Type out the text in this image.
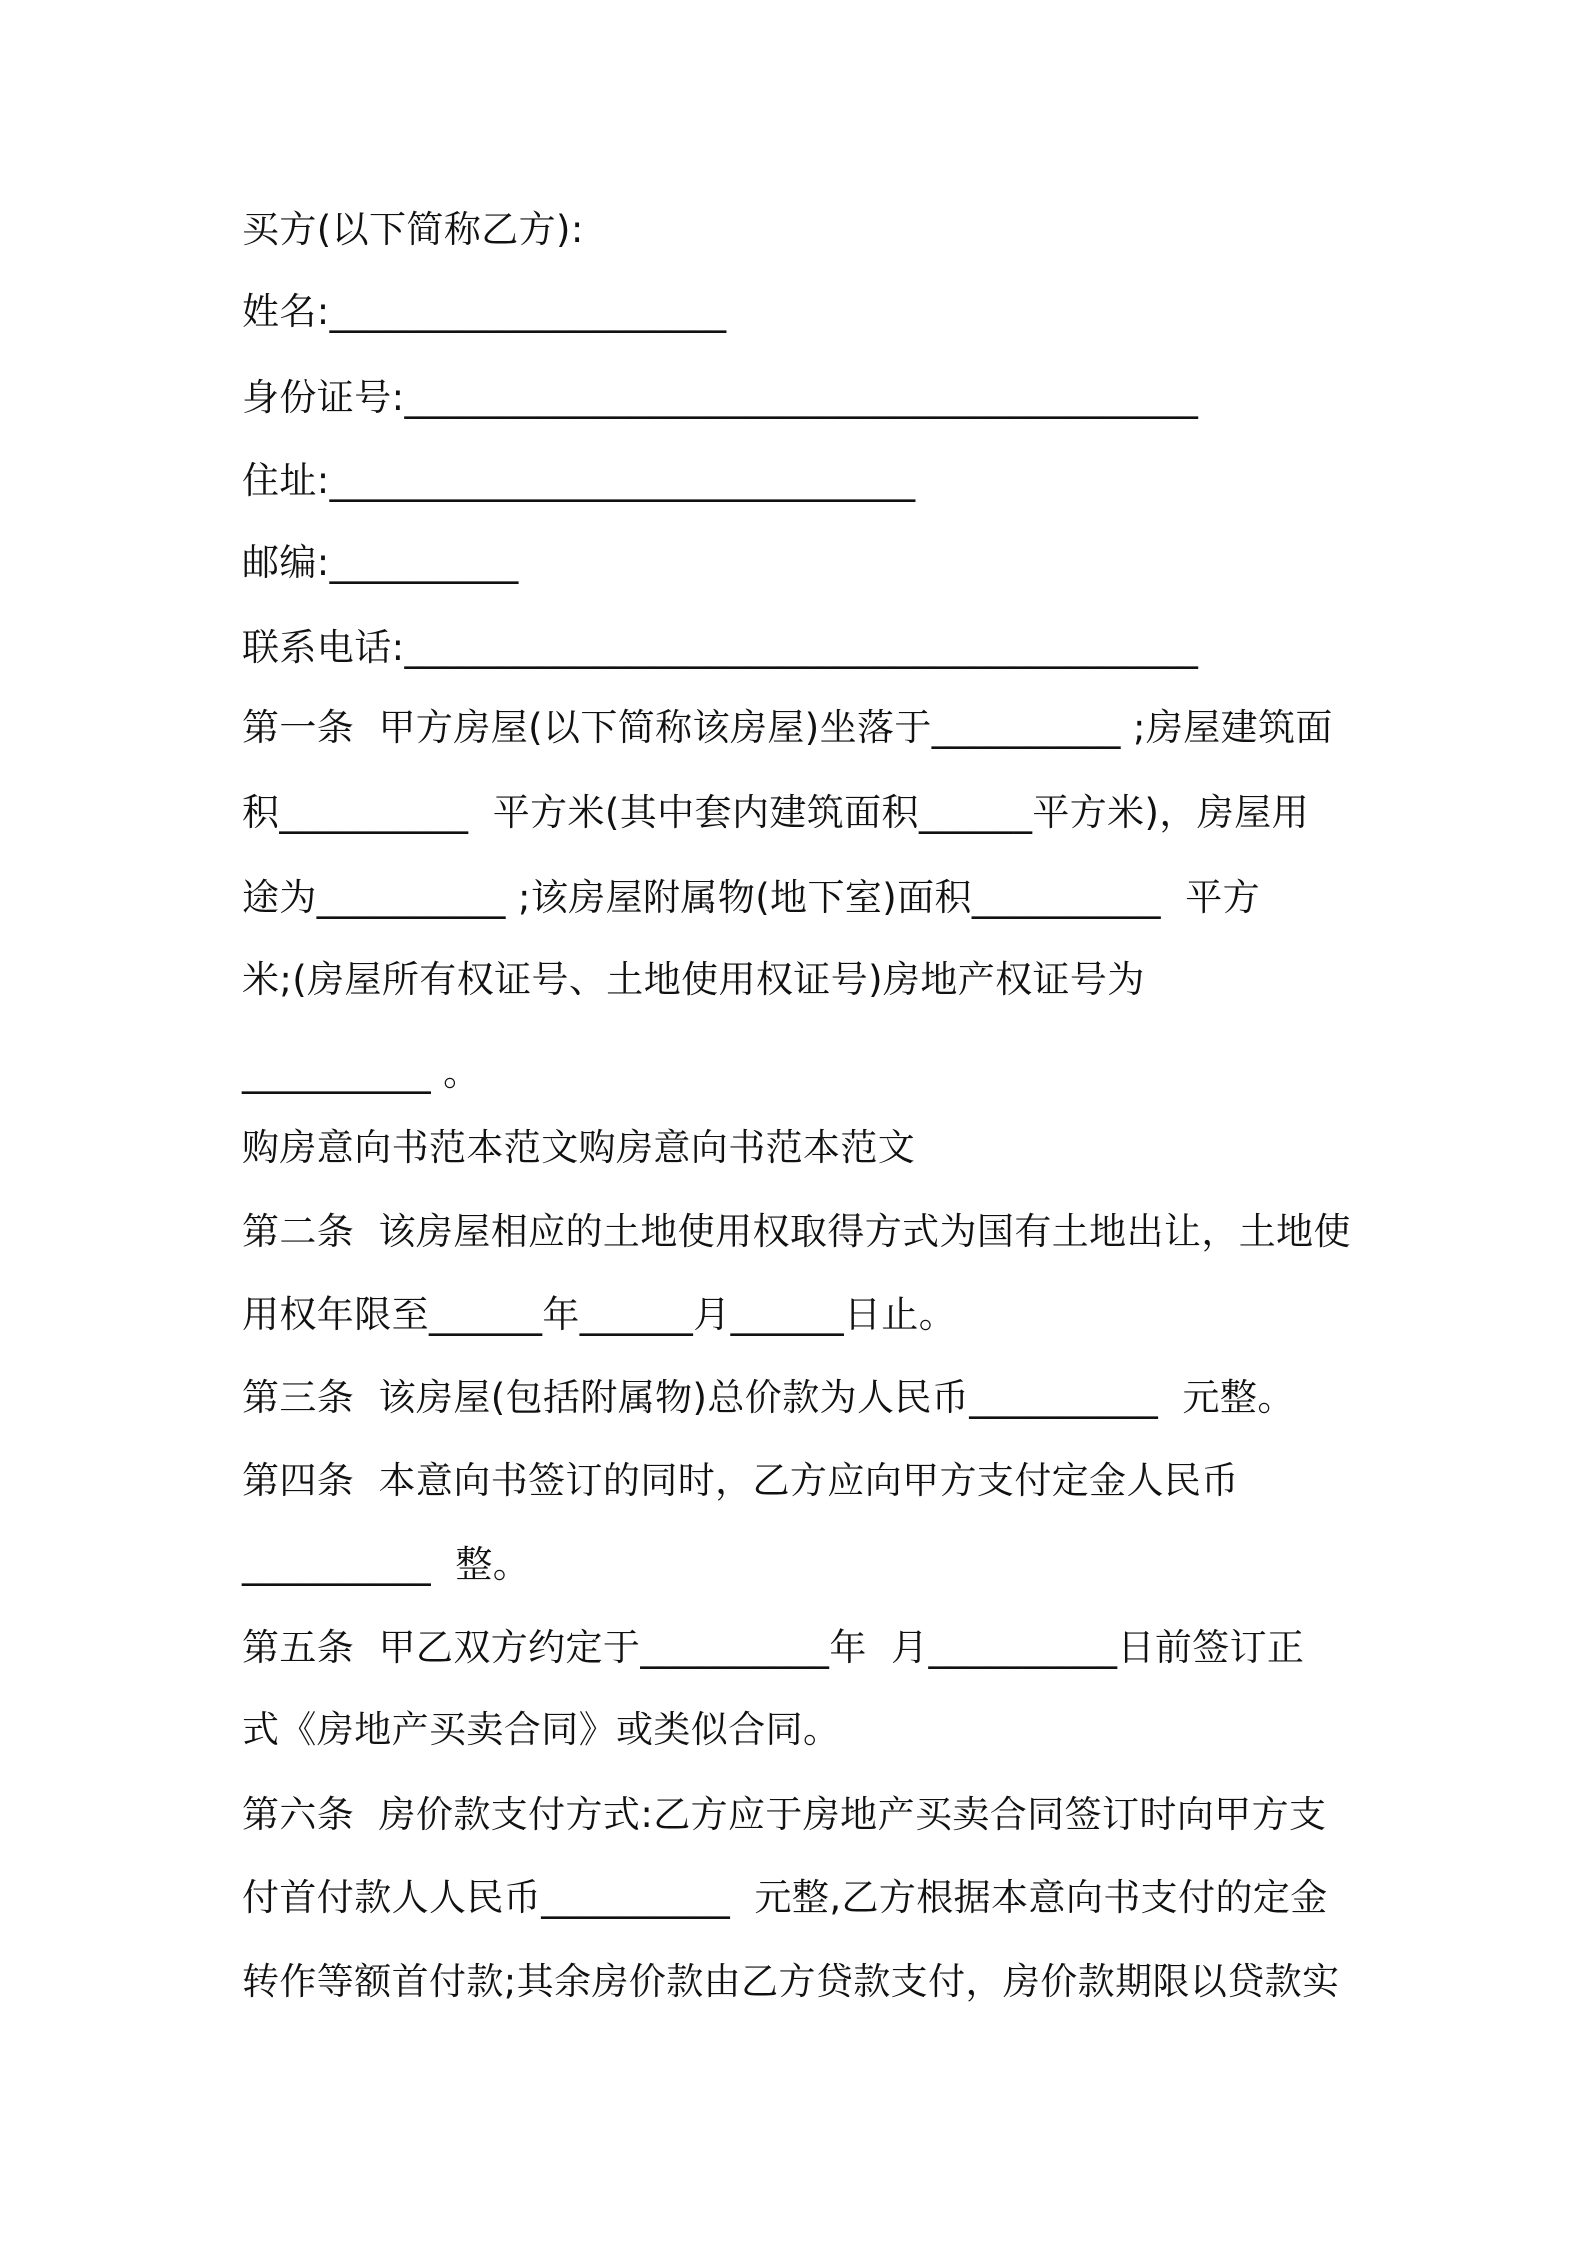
买方(以下简称乙方):

姓名:_____________________

身份证号:__________________________________________

住址:_______________________________

邮编:__________

联系电话:__________________________________________

第一条  甲方房屋(以下简称该房屋)坐落于__________ ;房屋建筑面

积__________  平方米(其中套内建筑面积______平方米)，房屋用

途为__________ ;该房屋附属物(地下室)面积__________  平方

米;(房屋所有权证号、土地使用权证号)房地产权证号为

__________ 。

购房意向书范本范文购房意向书范本范文

第二条  该房屋相应的土地使用权取得方式为国有土地出让，土地使

用权年限至______年______月______日止。

第三条  该房屋(包括附属物)总价款为人民币__________  元整。

第四条  本意向书签订的同时，乙方应向甲方支付定金人民币

__________  整。

第五条  甲乙双方约定于__________年  月__________日前签订正

式《房地产买卖合同》或类似合同。

第六条  房价款支付方式:乙方应于房地产买卖合同签订时向甲方支

付首付款人人民币__________  元整,乙方根据本意向书支付的定金

转作等额首付款;其余房价款由乙方贷款支付，房价款期限以贷款实
